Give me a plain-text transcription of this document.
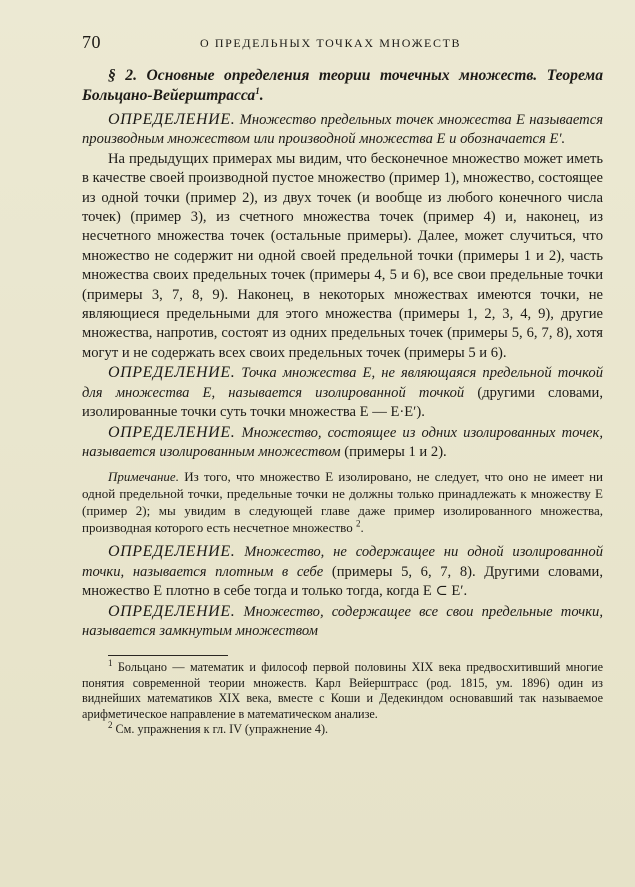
70	О ПРЕДЕЛЬНЫХ ТОЧКАХ МНОЖЕСТВ

§ 2. Основные определения теории точечных множеств. Теорема Больцано-Вейерштрасса$^1$.

ОПРЕДЕЛЕНИЕ. Множество предельных точек множества E называется производным множеством или производной множества E и обозначается E′.

На предыдущих примерах мы видим, что бесконечное множество может иметь в качестве своей производной пустое множество (пример 1), множество, состоящее из одной точки (пример 2), из двух точек (и вообще из любого конечного числа точек) (пример 3), из счетного множества точек (пример 4) и, наконец, из несчетного множества точек (остальные примеры). Далее, может случиться, что множество не содержит ни одной своей предельной точки (примеры 1 и 2), часть множества своих предельных точек (примеры 4, 5 и 6), все свои предельные точки (примеры 3, 7, 8, 9). Наконец, в некоторых множествах имеются точки, не являющиеся предельными для этого множества (примеры 1, 2, 3, 4, 9), другие множества, напротив, состоят из одних предельных точек (примеры 5, 6, 7, 8), хотя могут и не содержать всех своих предельных точек (примеры 5 и 6).

ОПРЕДЕЛЕНИЕ. Точка множества E, не являющаяся предельной точкой для множества E, называется изолированной точкой (другими словами, изолированные точки суть точки множества E — E·E′).

ОПРЕДЕЛЕНИЕ. Множество, состоящее из одних изолированных точек, называется изолированным множеством (примеры 1 и 2).

Примечание. Из того, что множество E изолировано, не следует, что оно не имеет ни одной предельной точки, предельные точки не должны только принадлежать к множеству E (пример 2); мы увидим в следующей главе даже пример изолированного множества, производная которого есть несчетное множество $^2$.

ОПРЕДЕЛЕНИЕ. Множество, не содержащее ни одной изолированной точки, называется плотным в себе (примеры 5, 6, 7, 8). Другими словами, множество E плотно в себе тогда и только тогда, когда E ⊂ E′.

ОПРЕДЕЛЕНИЕ. Множество, содержащее все свои предельные точки, называется замкнутым множеством

$^1$ Больцано — математик и философ первой половины XIX века предвосхитивший многие понятия современной теории множеств. Карл Вейерштрасс (род. 1815, ум. 1896) один из виднейших математиков XIX века, вместе с Коши и Дедекиндом основавший так называемое арифметическое направление в математическом анализе.

$^2$ См. упражнения к гл. IV (упражнение 4).
